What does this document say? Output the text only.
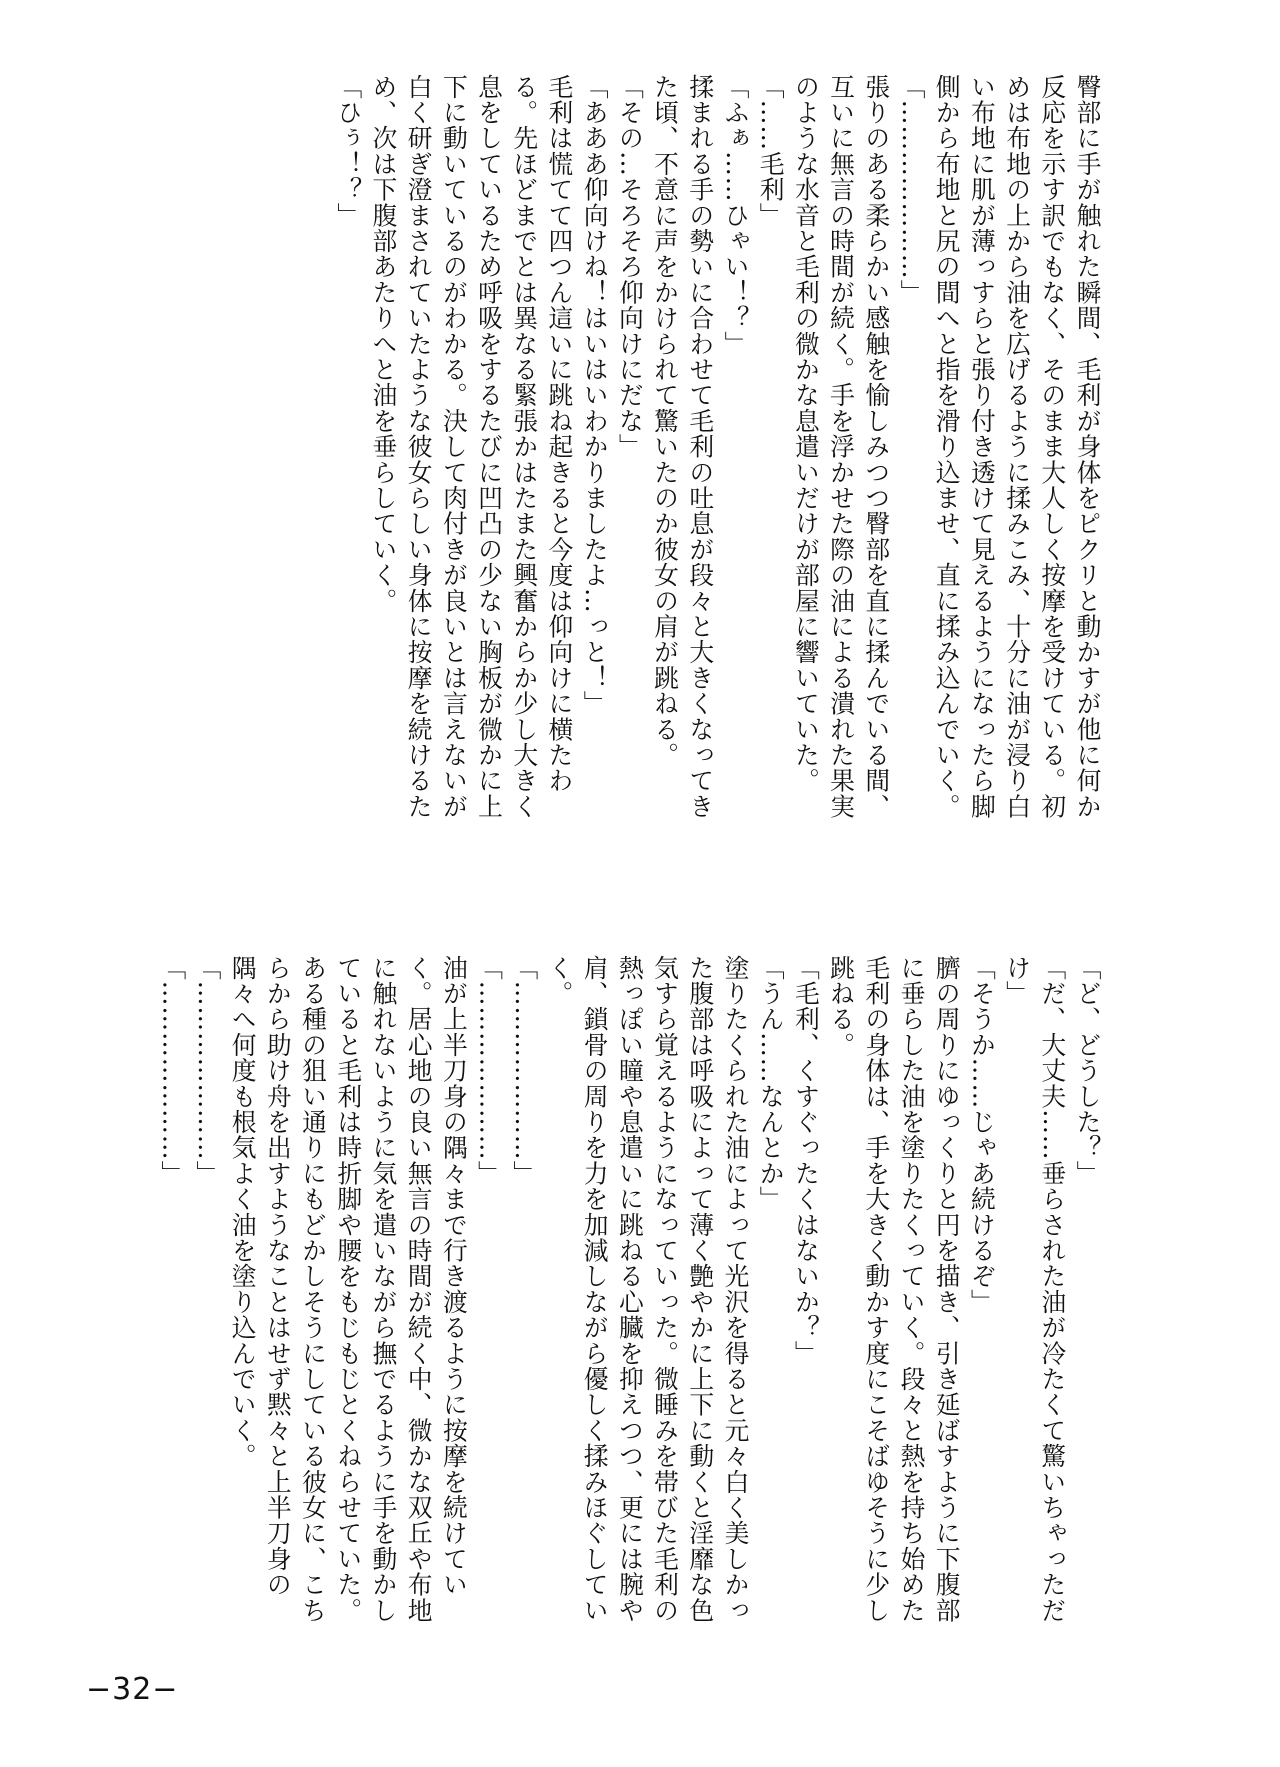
臀部に手が触れた瞬間、毛利が身体をピクリと動かすが他に何か反応を示す訳でもなく、そのまま大人しく按摩を受けている。初めは布地の上から油を広げるように揉みこみ、十分に油が浸り白い布地に肌が薄っすらと張り付き透けて見えるようになったら脚側から布地と尻の間へと指を滑り込ませ、直に揉み込んでいく。

「…………………」

張りのある柔らかい感触を愉しみつつ臀部を直に揉んでいる間、互いに無言の時間が続く。手を浮かせた際の油による潰れた果実のような水音と毛利の微かな息遣いだけが部屋に響いていた。

「……毛利」

「ふぁ……ひゃい！？」

揉まれる手の勢いに合わせて毛利の吐息が段々と大きくなってきた頃、不意に声をかけられて驚いたのか彼女の肩が跳ねる。

「その…そろそろ仰向けにだな」

「あああ仰向けね！はいはいわかりましたよ…っと！」

毛利は慌てて四つん這いに跳ね起きると今度は仰向けに横たわる。先ほどまでとは異なる緊張かはたまた興奮からか少し大きく息をしているため呼吸をするたびに凹凸の少ない胸板が微かに上下に動いているのがわかる。決して肉付きが良いとは言えないが白く研ぎ澄まされていたような彼女らしい身体に按摩を続けるため、次は下腹部あたりへと油を垂らしていく。

「ひぅ！？」

「ど、どうした？」

「だ、大丈夫……垂らされた油が冷たくて驚いちゃっただけ」

「そうか……じゃあ続けるぞ」

臍の周りにゆっくりと円を描き、引き延ばすように下腹部に垂らした油を塗りたくっていく。段々と熱を持ち始めた毛利の身体は、手を大きく動かす度にこそばゆそうに少し跳ねる。

「毛利、くすぐったくはないか？」

「うん……なんとか」

塗りたくられた油によって光沢を得ると元々白く美しかった腹部は呼吸によって薄く艶やかに上下に動くと淫靡な色気すら覚えるようになっていった。微睡みを帯びた毛利の熱っぽい瞳や息遣いに跳ねる心臓を抑えつつ、更には腕や肩、鎖骨の周りを力を加減しながら優しく揉みほぐしていく。

「…………………」

「…………………」

油が上半刀身の隅々まで行き渡るように按摩を続けていく。居心地の良い無言の時間が続く中、微かな双丘や布地に触れないように気を遣いながら撫でるように手を動かしていると毛利は時折脚や腰をもじもじとくねらせていた。ある種の狙い通りにもどかしそうにしている彼女に、こちらから助け舟を出すようなことはせず黙々と上半刀身の隅々へ何度も根気よく油を塗り込んでいく。

「…………………」

「…………………」

−32−
